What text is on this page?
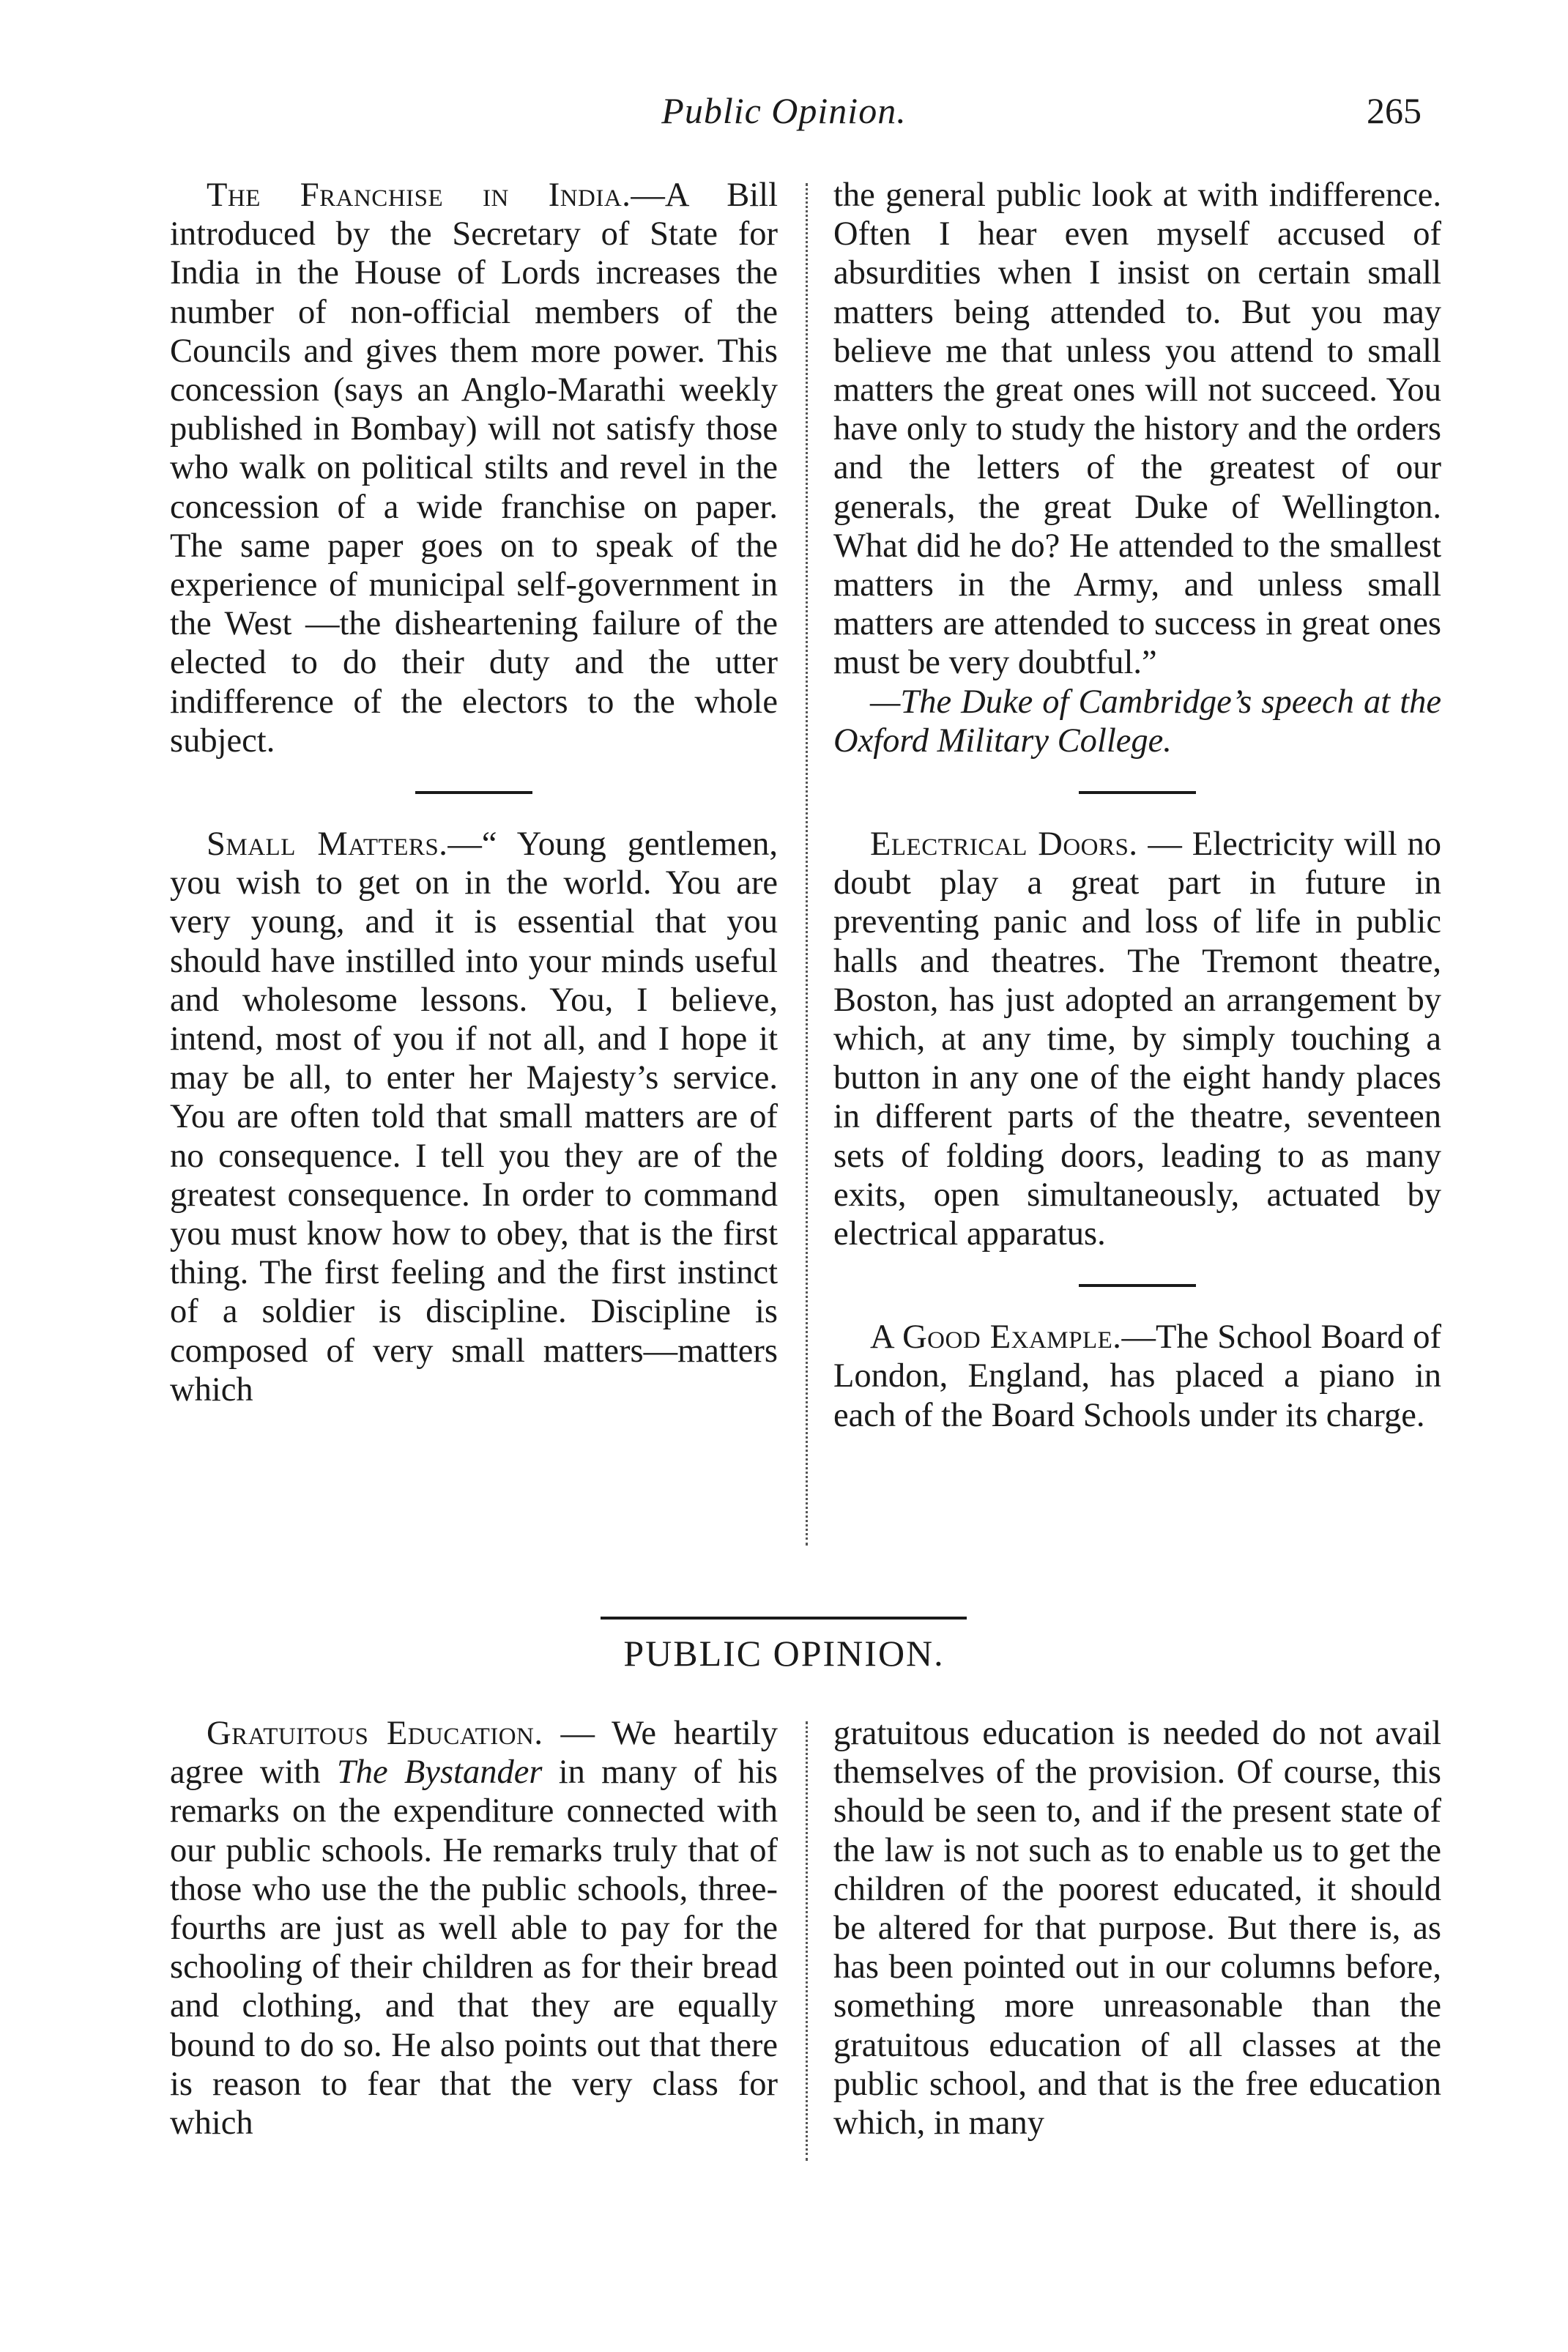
Public Opinion.	265

The Franchise in India.—A Bill introduced by the Secretary of State for India in the House of Lords increases the number of non-official members of the Councils and gives them more power. This concession (says an Anglo-Marathi weekly published in Bombay) will not satisfy those who walk on political stilts and revel in the concession of a wide franchise on paper. The same paper goes on to speak of the experience of municipal self-government in the West —the disheartening failure of the elected to do their duty and the utter indifference of the electors to the whole subject.

Small Matters.—“ Young gentlemen, you wish to get on in the world. You are very young, and it is essential that you should have instilled into your minds useful and wholesome lessons. You, I believe, intend, most of you if not all, and I hope it may be all, to enter her Majesty’s service. You are often told that small matters are of no consequence. I tell you they are of the greatest consequence. In order to command you must know how to obey, that is the first thing. The first feeling and the first instinct of a soldier is discipline. Discipline is composed of very small matters—matters which

the general public look at with indifference. Often I hear even myself accused of absurdities when I insist on certain small matters being attended to. But you may believe me that unless you attend to small matters the great ones will not succeed. You have only to study the history and the orders and the letters of the greatest of our generals, the great Duke of Wellington. What did he do? He attended to the smallest matters in the Army, and unless small matters are attended to success in great ones must be very doubtful.”

—The Duke of Cambridge’s speech at the Oxford Military College.

Electrical Doors. — Electricity will no doubt play a great part in future in preventing panic and loss of life in public halls and theatres. The Tremont theatre, Boston, has just adopted an arrangement by which, at any time, by simply touching a button in any one of the eight handy places in different parts of the theatre, seventeen sets of folding doors, leading to as many exits, open simultaneously, actuated by electrical apparatus.

A Good Example.—The School Board of London, England, has placed a piano in each of the Board Schools under its charge.

PUBLIC OPINION.

Gratuitous Education. — We heartily agree with The Bystander in many of his remarks on the expenditure connected with our public schools. He remarks truly that of those who use the the public schools, three-fourths are just as well able to pay for the schooling of their children as for their bread and clothing, and that they are equally bound to do so. He also points out that there is reason to fear that the very class for which

gratuitous education is needed do not avail themselves of the provision. Of course, this should be seen to, and if the present state of the law is not such as to enable us to get the children of the poorest educated, it should be altered for that purpose. But there is, as has been pointed out in our columns before, something more unreasonable than the gratuitous education of all classes at the public school, and that is the free education which, in many
